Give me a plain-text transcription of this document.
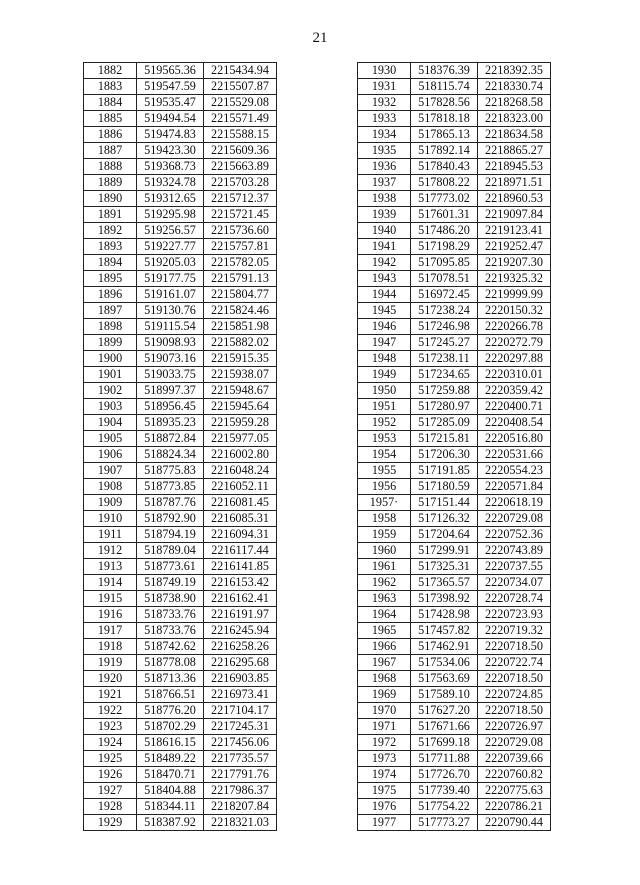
21
1882	519565.36	2215434.94
1883	519547.59	2215507.87
1884	519535.47	2215529.08
1885	519494.54	2215571.49
1886	519474.83	2215588.15
1887	519423.30	2215609.36
1888	519368.73	2215663.89
1889	519324.78	2215703.28
1890	519312.65	2215712.37
1891	519295.98	2215721.45
1892	519256.57	2215736.60
1893	519227.77	2215757.81
1894	519205.03	2215782.05
1895	519177.75	2215791.13
1896	519161.07	2215804.77
1897	519130.76	2215824.46
1898	519115.54	2215851.98
1899	519098.93	2215882.02
1900	519073.16	2215915.35
1901	519033.75	2215938.07
1902	518997.37	2215948.67
1903	518956.45	2215945.64
1904	518935.23	2215959.28
1905	518872.84	2215977.05
1906	518824.34	2216002.80
1907	518775.83	2216048.24
1908	518773.85	2216052.11
1909	518787.76	2216081.45
1910	518792.90	2216085.31
1911	518794.19	2216094.31
1912	518789.04	2216117.44
1913	518773.61	2216141.85
1914	518749.19	2216153.42
1915	518738.90	2216162.41
1916	518733.76	2216191.97
1917	518733.76	2216245.94
1918	518742.62	2216258.26
1919	518778.08	2216295.68
1920	518713.36	2216903.85
1921	518766.51	2216973.41
1922	518776.20	2217104.17
1923	518702.29	2217245.31
1924	518616.15	2217456.06
1925	518489.22	2217735.57
1926	518470.71	2217791.76
1927	518404.88	2217986.37
1928	518344.11	2218207.84
1929	518387.92	2218321.03
1930	518376.39	2218392.35
1931	518115.74	2218330.74
1932	517828.56	2218268.58
1933	517818.18	2218323.00
1934	517865.13	2218634.58
1935	517892.14	2218865.27
1936	517840.43	2218945.53
1937	517808.22	2218971.51
1938	517773.02	2218960.53
1939	517601.31	2219097.84
1940	517486.20	2219123.41
1941	517198.29	2219252.47
1942	517095.85	2219207.30
1943	517078.51	2219325.32
1944	516972.45	2219999.99
1945	517238.24	2220150.32
1946	517246.98	2220266.78
1947	517245.27	2220272.79
1948	517238.11	2220297.88
1949	517234.65	2220310.01
1950	517259.88	2220359.42
1951	517280.97	2220400.71
1952	517285.09	2220408.54
1953	517215.81	2220516.80
1954	517206.30	2220531.66
1955	517191.85	2220554.23
1956	517180.59	2220571.84
1957·	517151.44	2220618.19
1958	517126.32	2220729.08
1959	517204.64	2220752.36
1960	517299.91	2220743.89
1961	517325.31	2220737.55
1962	517365.57	2220734.07
1963	517398.92	2220728.74
1964	517428.98	2220723.93
1965	517457.82	2220719.32
1966	517462.91	2220718.50
1967	517534.06	2220722.74
1968	517563.69	2220718.50
1969	517589.10	2220724.85
1970	517627.20	2220718.50
1971	517671.66	2220726.97
1972	517699.18	2220729.08
1973	517711.88	2220739.66
1974	517726.70	2220760.82
1975	517739.40	2220775.63
1976	517754.22	2220786.21
1977	517773.27	2220790.44
